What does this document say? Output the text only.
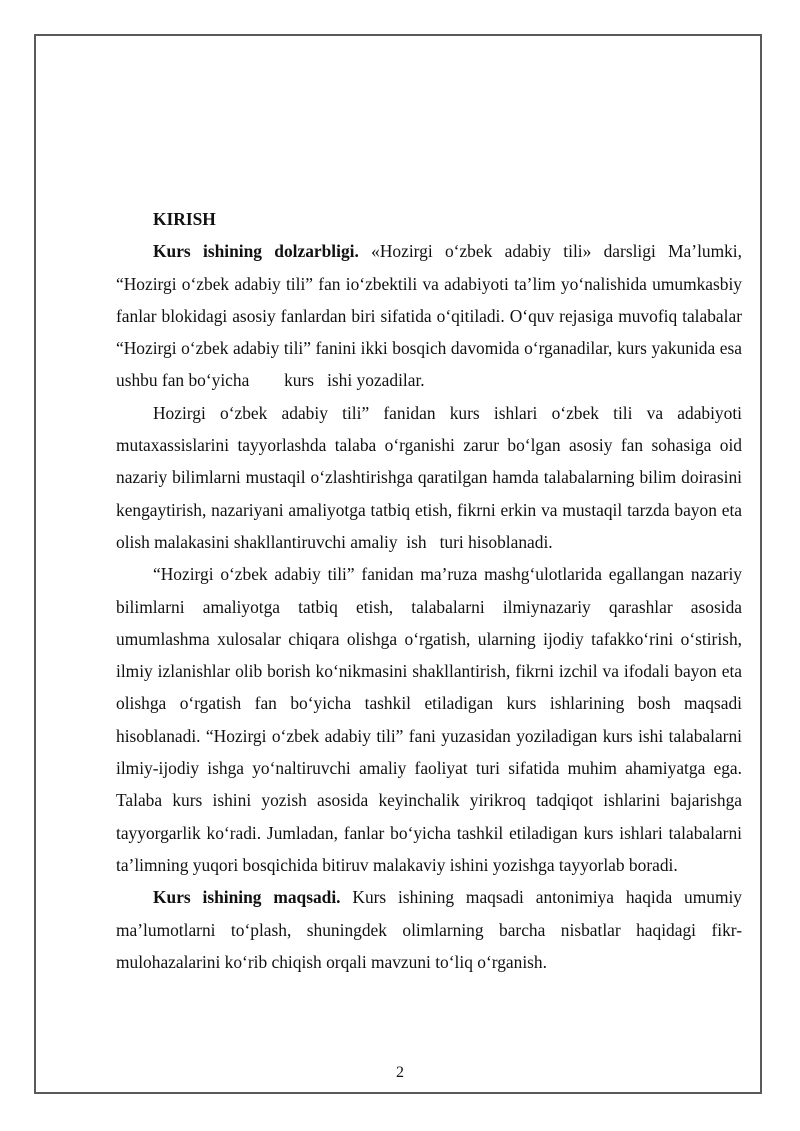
KIRISH

Kurs ishining dolzarbligi. «Hozirgi o‘zbek adabiy tili» darsligi Ma’lumki, “Hozirgi o‘zbek adabiy tili” fan io‘zbektili va adabiyoti ta’lim yo‘nalishida umumkasbiy fanlar blokidagi asosiy fanlardan biri sifatida o‘qitiladi. O‘quv rejasiga muvofiq talabalar “Hozirgi o‘zbek adabiy tili” fanini ikki bosqich davomida o‘rganadilar, kurs yakunida esa ushbu fan bo‘yicha        kurs   ishi yozadilar.

Hozirgi o‘zbek adabiy tili” fanidan kurs ishlari o‘zbek tili va adabiyoti mutaxassislarini tayyorlashda talaba o‘rganishi zarur bo‘lgan asosiy fan sohasiga oid nazariy bilimlarni mustaqil o‘zlashtirishga qaratilgan hamda talabalarning bilim doirasini kengaytirish, nazariyani amaliyotga tatbiq etish, fikrni erkin va mustaqil tarzda bayon eta olish malakasini shakllantiruvchi amaliy  ish   turi hisoblanadi.

“Hozirgi o‘zbek adabiy tili” fanidan ma’ruza mashg‘ulotlarida egallangan nazariy bilimlarni amaliyotga tatbiq etish, talabalarni ilmiynazariy qarashlar asosida umumlashma xulosalar chiqara olishga o‘rgatish, ularning ijodiy tafakko‘rini o‘stirish, ilmiy izlanishlar olib borish ko‘nikmasini shakllantirish, fikrni izchil va ifodali bayon eta olishga o‘rgatish fan bo‘yicha tashkil etiladigan kurs ishlarining bosh maqsadi hisoblanadi. “Hozirgi o‘zbek adabiy tili” fani yuzasidan yoziladigan kurs ishi talabalarni ilmiy-ijodiy ishga yo‘naltiruvchi amaliy faoliyat turi sifatida muhim ahamiyatga ega. Talaba kurs ishini yozish asosida keyinchalik yirikroq tadqiqot ishlarini bajarishga tayyorgarlik ko‘radi. Jumladan, fanlar bo‘yicha tashkil etiladigan kurs ishlari talabalarni ta’limning yuqori bosqichida bitiruv malakaviy ishini yozishga tayyorlab boradi.

Kurs ishining maqsadi. Kurs ishining maqsadi antonimiya haqida umumiy ma’lumotlarni to‘plash, shuningdek olimlarning barcha nisbatlar haqidagi fikr-mulohazalarini ko‘rib chiqish orqali mavzuni to‘liq o‘rganish.

2
